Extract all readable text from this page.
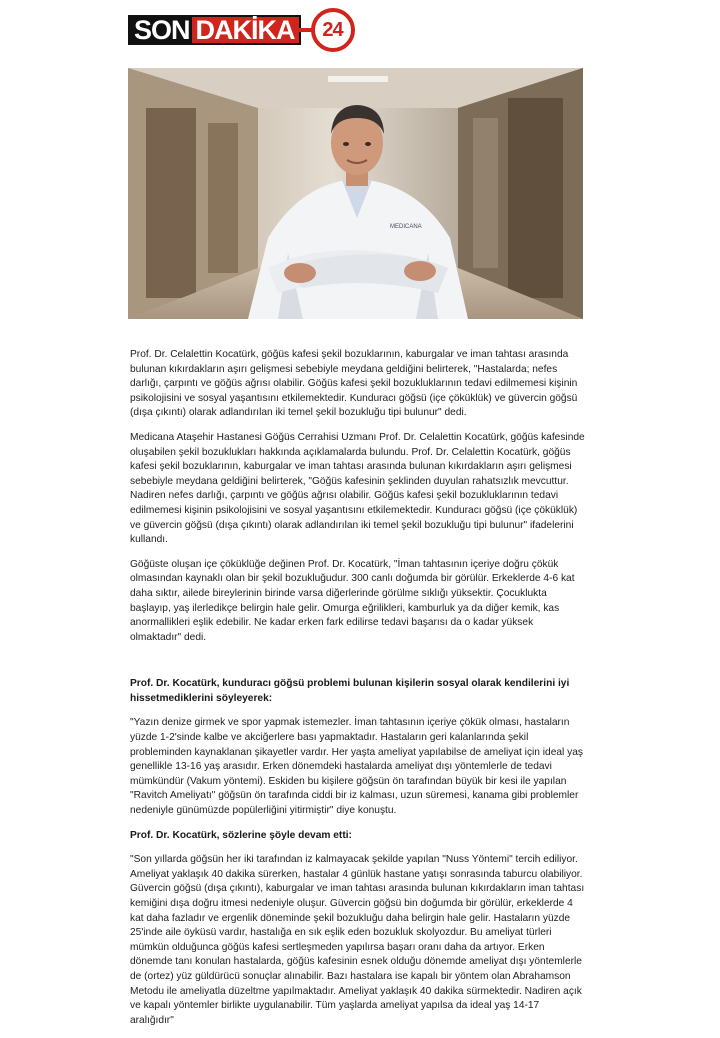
SON DAKİKA 24
MEDICANA

Prof. Dr. Celalettin Kocatürk, göğüs kafesi şekil bozuklarının, kaburgalar ve iman tahtası arasında bulunan kıkırdakların aşırı gelişmesi sebebiyle meydana geldiğini belirterek, "Hastalarda; nefes darlığı, çarpıntı ve göğüs ağrısı olabilir. Göğüs kafesi şekil bozukluklarının tedavi edilmemesi kişinin psikolojisini ve sosyal yaşantısını etkilemektedir. Kunduracı göğsü (içe çöküklük) ve güvercin göğsü (dışa çıkıntı) olarak adlandırılan iki temel şekil bozukluğu tipi bulunur" dedi.

Medicana Ataşehir Hastanesi Göğüs Cerrahisi Uzmanı Prof. Dr. Celalettin Kocatürk, göğüs kafesinde oluşabilen şekil bozuklukları hakkında açıklamalarda bulundu. Prof. Dr. Celalettin Kocatürk, göğüs kafesi şekil bozuklarının, kaburgalar ve iman tahtası arasında bulunan kıkırdakların aşırı gelişmesi sebebiyle meydana geldiğini belirterek, "Göğüs kafesinin şeklinden duyulan rahatsızlık mevcuttur. Nadiren nefes darlığı, çarpıntı ve göğüs ağrısı olabilir. Göğüs kafesi şekil bozukluklarının tedavi edilmemesi kişinin psikolojisini ve sosyal yaşantısını etkilemektedir. Kunduracı göğsü (içe çöküklük) ve güvercin göğsü (dışa çıkıntı) olarak adlandırılan iki temel şekil bozukluğu tipi bulunur" ifadelerini kullandı.

Göğüste oluşan içe çöküklüğe değinen Prof. Dr. Kocatürk, "İman tahtasının içeriye doğru çökük olmasından kaynaklı olan bir şekil bozukluğudur. 300 canlı doğumda bir görülür. Erkeklerde 4-6 kat daha sıktır, ailede bireylerinin birinde varsa diğerlerinde görülme sıklığı yüksektir. Çocuklukta başlayıp, yaş ilerledikçe belirgin hale gelir. Omurga eğrilikleri, kamburluk ya da diğer kemik, kas anormallikleri eşlik edebilir. Ne kadar erken fark edilirse tedavi başarısı da o kadar yüksek olmaktadır" dedi.

Prof. Dr. Kocatürk, kunduracı göğsü problemi bulunan kişilerin sosyal olarak kendilerini iyi hissetmediklerini söyleyerek:

"Yazın denize girmek ve spor yapmak istemezler. İman tahtasının içeriye çökük olması, hastaların yüzde 1-2'sinde kalbe ve akciğerlere bası yapmaktadır. Hastaların geri kalanlarında şekil probleminden kaynaklanan şikayetler vardır. Her yaşta ameliyat yapılabilse de ameliyat için ideal yaş genellikle 13-16 yaş arasıdır. Erken dönemdeki hastalarda ameliyat dışı yöntemlerle de tedavi mümkündür (Vakum yöntemi). Eskiden bu kişilere göğsün ön tarafından büyük bir kesi ile yapılan "Ravitch Ameliyatı" göğsün ön tarafında ciddi bir iz kalması, uzun süremesi, kanama gibi problemler nedeniyle günümüzde popülerliğini yitirmiştir" diye konuştu.

Prof. Dr. Kocatürk, sözlerine şöyle devam etti:

"Son yıllarda göğsün her iki tarafından iz kalmayacak şekilde yapılan "Nuss Yöntemi" tercih ediliyor. Ameliyat yaklaşık 40 dakika sürerken, hastalar 4 günlük hastane yatışı sonrasında taburcu olabiliyor. Güvercin göğsü (dışa çıkıntı), kaburgalar ve iman tahtası arasında bulunan kıkırdakların iman tahtası kemiğini dışa doğru itmesi nedeniyle oluşur. Güvercin göğsü bin doğumda bir görülür, erkeklerde 4 kat daha fazladır ve ergenlik döneminde şekil bozukluğu daha belirgin hale gelir. Hastaların yüzde 25'inde aile öyküsü vardır, hastalığa en sık eşlik eden bozukluk skolyozdur. Bu ameliyat türleri mümkün olduğunca göğüs kafesi sertleşmeden yapılırsa başarı oranı daha da artıyor. Erken dönemde tanı konulan hastalarda, göğüs kafesinin esnek olduğu dönemde ameliyat dışı yöntemlerle de (ortez) yüz güldürücü sonuçlar alınabilir. Bazı hastalara ise kapalı bir yöntem olan Abrahamson Metodu ile ameliyatla düzeltme yapılmaktadır. Ameliyat yaklaşık 40 dakika sürmektedir. Nadiren açık ve kapalı yöntemler birlikte uygulanabilir. Tüm yaşlarda ameliyat yapılsa da ideal yaş 14-17 aralığıdır"
